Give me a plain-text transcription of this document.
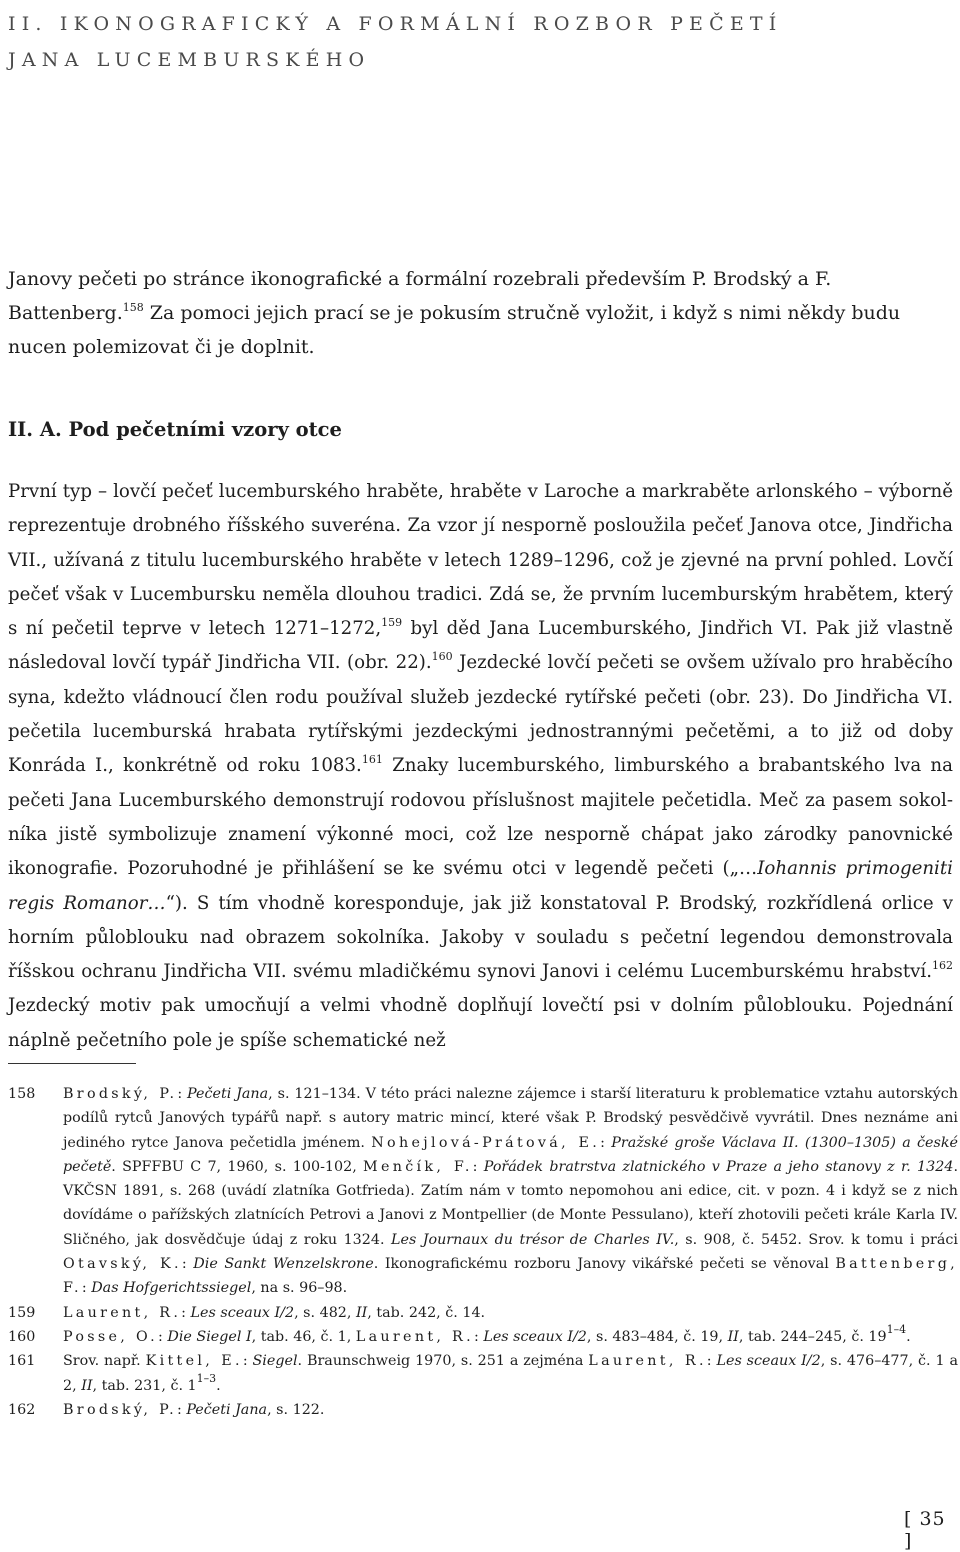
II. IKONOGRAFICKÝ A FORMÁLNÍ ROZBOR PEČETÍ
JANA LUCEMBURSKÉHO
Janovy pečeti po stránce ikonografické a formální rozebrali především P. Brodský a F. Battenberg.$^{158}$ Za pomoci jejich prací se je pokusím stručně vyložit, i když s nimi někdy budu nucen polemizovat či je doplnit.
II. A. Pod pečetními vzory otce
První typ – lovčí pečeť lucemburského hraběte, hraběte v Laroche a markraběte arlonského – výborně reprezentuje drobného říšského suveréna. Za vzor jí nesporně posloužila pečeť Janova otce, Jindřicha VII., užívaná z titulu lucemburského hraběte v letech 1289–1296, což je zjevné na první pohled. Lovčí pečeť však v Lucembursku neměla dlouhou tradici. Zdá se, že prvním lucemburským hrabětem, který s ní pečetil teprve v letech 1271–1272,$^{159}$ byl děd Jana Lucemburského, Jindřich VI. Pak již vlastně následoval lovčí typář Jindřicha VII. (obr. 22).$^{160}$ Jezdecké lovčí pečeti se ovšem užívalo pro hraběcího syna, kdežto vládnoucí člen rodu používal služeb jezdecké rytířské pečeti (obr. 23). Do Jindřicha VI. pečetila lucemburská hrabata rytířskými jezdeckými jednostrannými pečetěmi, a to již od doby Konráda I., konkrétně od roku 1083.$^{161}$ Znaky lucemburského, limburského a brabantského lva na pečeti Jana Lucemburského demonstrují rodovou příslušnost majitele pečetidla. Meč za pasem sokolníka jistě symbolizuje znamení výkonné moci, což lze nesporně chápat jako zárodky panovnické ikonografie. Pozoruhodné je přihlášení se ke svému otci v legendě pečeti („…Iohannis primogeniti regis Romanor…“). S tím vhodně koresponduje, jak již konstatoval P. Brodský, rozkřídlená orlice v horním půloblouku nad obrazem sokolníka. Jakoby v souladu s pečetní legendou demonstrovala říšskou ochranu Jindřicha VII. svému mladičkému synovi Janovi i celému Lucemburskému hrabství.$^{162}$ Jezdecký motiv pak umocňují a velmi vhodně doplňují lovečtí psi v dolním půloblouku. Pojednání náplně pečetního pole je spíše schematické než
158	Brodský, P.: Pečeti Jana, s. 121–134. V této práci nalezne zájemce i starší literaturu k problematice vztahu autorských podílů rytců Janových typářů např. s autory matric mincí, které však P. Brodský pesvědčivě vyvrátil. Dnes neznáme ani jediného rytce Janova pečetidla jménem. Nohejlová-Prátová, E.: Pražské groše Václava II. (1300–1305) a české pečetě. SPFFBU C 7, 1960, s. 100-102, Menčík, F.: Pořádek bratrstva zlatnického v Praze a jeho stanovy z r. 1324. VKČSN 1891, s. 268 (uvádí zlatníka Gotfrieda). Zatím nám v tomto nepomohou ani edice, cit. v pozn. 4 i když se z nich dovídáme o pařížských zlatnících Petrovi a Janovi z Montpellier (de Monte Pessulano), kteří zhotovili pečeti krále Karla IV. Sličného, jak dosvědčuje údaj z roku 1324. Les Journaux du trésor de Charles IV., s. 908, č. 5452. Srov. k tomu i práci Otavský, K.: Die Sankt Wenzelskrone. Ikonografickému rozboru Janovy vikářské pečeti se věnoval Battenberg, F.: Das Hofgerichtssiegel, na s. 96–98.
159	Laurent, R.: Les sceaux I/2, s. 482, II, tab. 242, č. 14.
160	Posse, O.: Die Siegel I, tab. 46, č. 1, Laurent, R.: Les sceaux I/2, s. 483–484, č. 19, II, tab. 244–245, č. 19$^{1-4}$.
161	Srov. např. Kittel, E.: Siegel. Braunschweig 1970, s. 251 a zejména Laurent, R.: Les sceaux I/2, s. 476–477, č. 1 a 2, II, tab. 231, č. 1$^{1-3}$.
162	Brodský, P.: Pečeti Jana, s. 122.
[ 35 ]
